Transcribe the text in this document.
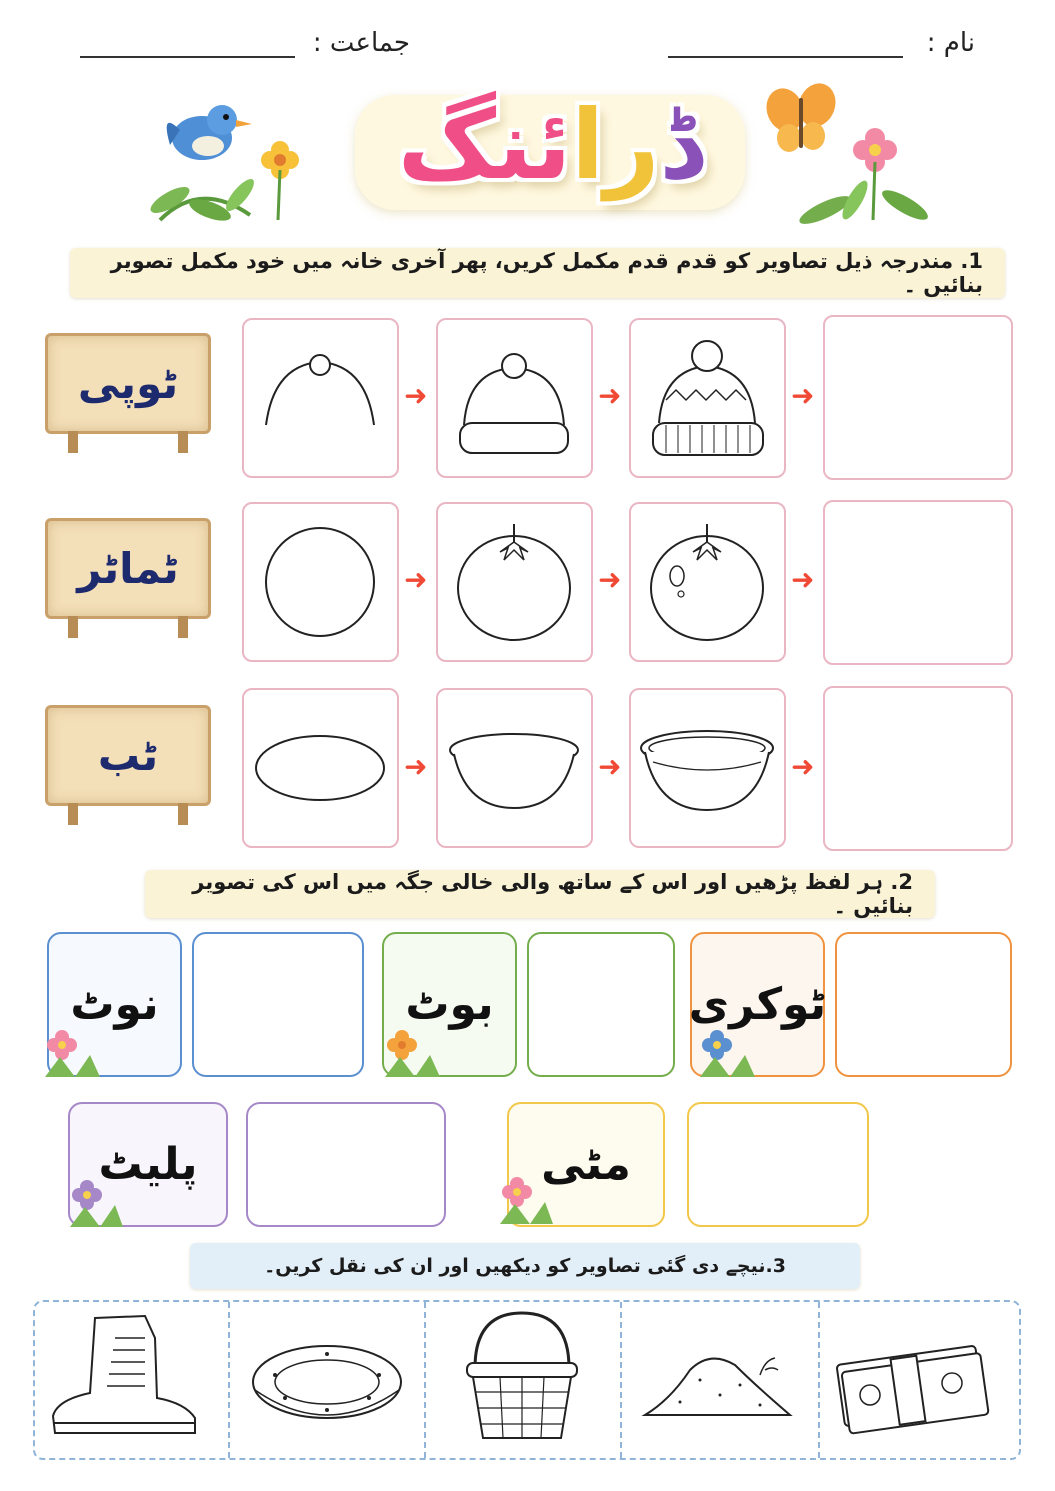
نام :
جماعت :
ڈرائنگ
1. مندرجہ ذیل تصاویر کو قدم قدم مکمل کریں، پھر آخری خانہ میں خود مکمل تصویر بنائیں ۔
ٹوپی	➜	➜	➜
ٹماٹر	➜	➜	➜
ٹب	➜	➜	➜
2. ہر لفظ پڑھیں اور اس کے ساتھ والی خالی جگہ میں اس کی تصویر بنائیں ۔
نوٹ	بوٹ	ٹوکری
پلیٹ	مٹی
3.نیچے دی گئی تصاویر کو دیکھیں اور ان کی نقل کریں۔
